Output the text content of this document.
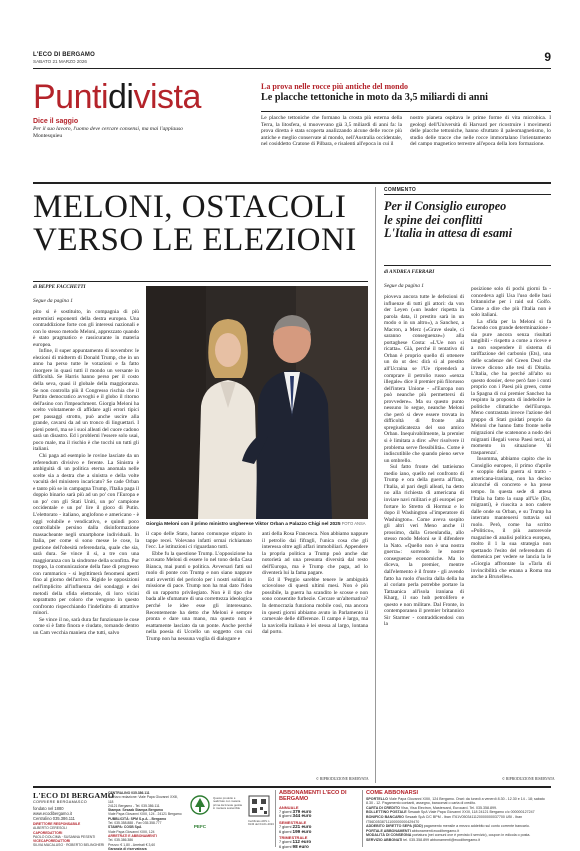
L'ECO DI BERGAMO
SABATO 21 MARZO 2026	9
Puntidivista
Dice il saggio
Per il suo lavoro, l'uomo deve cercare consensi, ma mai l'applauso
Montesquieu
La prova nelle rocce più antiche del mondo
Le placche tettoniche in moto da 3,5 miliardi di anni

Le placche tettoniche che formano la crosta più esterna della Terra, la litosfera, si muovevano già 3,5 miliardi di anni fa: la prova diretta è stata scoperta analizzando alcune delle rocce più antiche e meglio conservate al mondo, nell'Australia occidentale, nel cosiddetto Cratone di Pilbara, e risalenti all'epoca in cui il

nostro pianeta ospitava le prime forme di vita microbica. I geologi dell'Università di Harvard per ricostruire i movimenti delle placche tettoniche, hanno sfruttato il paleomagnetismo, lo studio delle tracce che nelle rocce immortalano l'orientamento del campo magnetico terrestre all'epoca della loro formazione.

MELONI, OSTACOLI
VERSO LE ELEZIONI
COMMENTO
Per il Consiglio europeo
le spine dei conflitti
L'Italia in attesa di esami
di BEPPE FACCHETTI
Segue da pagina 1

pito si è sostituito, in compagnia di più estremisti esponenti della destra europea. Una contraddizione forte con gli interessi nazionali e con lo stesso metodo Meloni, apprezzato quando è stato pragmatico e rassicurante in materia europea.

Infine, il super appuntamento di novembre: le elezioni di midterm di Donald Trump, che in un anno ha perso tutte le votazioni e fa fatto risorgere in quasi tutti il mondo un versante in difficoltà. Se Harris hanno perso per il costo della seva, quasi il globale della maggioranza. Se non controlla più il Congresso rischia che il Partito democratico avvoghi e il globo il ritorno dell'asino con l'impeachment. Giorgia Meloni ha scelto volutamente di affidare agli errori tipici per passaggi strotto, può anche uscire alla grande, cavarsi da ad un tronco di linguettari. I pieni poteri, ma se i suoi alleati del cuore cadono sarà un disastro. Ed i problemi l'essere solo usai, poco male, ma il rischio è che tocchi un tutti gli italiani.

Chi paga ad esempio le rovine lasciate da un referendum divisivo e ferente. La Sinistra è ambiguità di un politica eterna anomala nelle scelte sia a destra che a sinistra e della volte vacuità del ministero incaricato? Se cade Orban e tanto più se in campagna Trump, l'Italia paga il doppio binario sarà più ad un po' con l'Europa e un po' con gli Stati Uniti, un po' campione occidentale e un po' lire il gioco di Putin. L'elettorato - italiano, anglofono e americano - è oggi volubile e vendicativo, e quindi poco controllabile persino dalla disinformazione massacheante negli smartphone individuali. In Italia, per come si sono messe le cose, la gestione dell'obesità referendaria, quale che sia, sarà dura. Se vince il sì, a tre con una maggioranza con la sindrome della sconfitta. Pur troppo, la comunicazione della fase di progresso con rammarico - si legittimerà fenomeni aperti fino al giorno dell'arrivo. Rigide le opposizioni nell'implicito all'influenza dei sondaggi e dei metodi della sfida elettorale, di loro vicini soprattutto per coloro che vengono in questo confronto rispecchiando l'indefinito di attrattive minori.

Se vince il no, sarà dura far funzionare le cose come si è fatto finora e ciudato, tornando dentro un Cam vecchia maniera che tutti, salvo

Giorgia Meloni con il primo ministro ungherese Viktor Orban a Palazzo Chigi nel 2025 FOTO ANSA

il capo delle Stato, hanno comunque stipato in tappe recei. Volevano infatti ormai richiamato l'ecc. Le istituzioni ci riguardano tutti.

Ebbe fu la questione Trump. L'opposizione ha accusato Meloni di essere lo nel tono della Casa Bianca, mai punti o politica. Avversari fatti sul ruolo di ponte con Trump e non siano nappure stati avvertiti del pericolo per i nostri soldati in missione di pace. Trump non ha mai dato l'idea di un rapporto privilegiato. Non è il tipo che bada alle sfumature di una correttezza ideologica perché le idee esse gli interessano. Recentemente ha detto che Meloni è sempre pronta e dare una mano, ma questo non è esattamente lasciato da un ponte. Anche perché nella poesia di Uccello un soggetto con cui Trump non ha nessuna voglia di dialogare e

anti della Rosa Francesca. Non abbiamo nappure il petrolio dai fifragli, l'unica cosa che gli interessa oltre agli affari immobiliari. Appendere la propria politica a Trump può anche dar notorietà ad una presunta diversità dal resto dell'Europa, ma è Trump che paga, ad lo diventerà lui la fama pagare.

Ed il 'Peggio sarebbe tenere le ambiguità sciovolose di questi ultimi mesi. Non è più possibile, la guerra ha scandito le scosse e non sono consentite furbezie. Cercare un'alternativa? In democrazia funziona mobile così, ma ancora in questi giorni abbiamo avuto in Parlamento il carnevale delle differenze. Il campo è largo, ma la navicella italiana è lei stessa al largo, lontana dal porto.

© RIPRODUZIONE RISERVATA
di ANDREA FERRARI
Segue da pagina 1

pioveva ancora tutte le defezioni di influenze di tutti gli attori: da von der Leyen («un leader rispetta la parola data, il prestito sarà in un modo o in un altro»), a Sanchez, a Macron, a Merz («Grave sleale, ci saranno conseguenze») alla portaghese Costa: «L'Ue non si ricatta». Già, perché il tentativo di Orban è proprio quello di ottenere un do ut des: dirà sì al prestito all'Ucraina se l'Ue riprenderà a comprare il petrolio russo «senza illegale» dice il premier più filorusso dell'intera Unione - «l'Europa non può neanche più permettersi di provvedere». Ma su questo punto nessuno lo segue, neanche Meloni che però si deve essere trovata in difficoltà di fronte alla spregiudicatezza del suo amico Orban. Inequivabilmente, la premier si è limitata a dire: «Per risolvere il problema serve flessibilità». Come è indiscutibile che quando pieno serve un ombrello.

Sul fatto fronte del tattieismo medio iano, quello nel confronto di Trump e ora della guerra all'Iran, l'Italia, al pari degli alleati, ha detto no alla richiesta di americana di inviare navi militari e gli europei per fortare lo Stretto di Hormuz e lo dopo il Washington «l'imperatore di Washington». Come aveva sospito gli altri veri Meno anche il prossimo, dalla Groenlandia, allo stesso modo Meloni se il difendere la Nato. «Quello non è una nostra guerra»: sorrendo le nostre conseguenze economiche. Ma lo diceva, la premier, mentre dall'elemento è il fronte - gli avendo fatto ha ruolo d'uscita dalla della ha al coriato perla potrebbe portare la Tattaanica all'isola iraniana di Kharg, il suo hub petrolifero e questo e non militare. Dal Fronte, in contemporanea il premier britannico Sir Starmer - contraddicendosi con la

posizione solo di pochi giorni fa - concedeva agli Usa l'uso delle basi britanniche per i raid sul Golfo. Come a dire che più l'Italia non è solo italiani.

La sfida per la Meloni si fa facendo con grande determinazione - sia pure ancora senza risultati tangibili - rispetto a come a riceve e a non sospendere il sistema di tariffazione del carbonio (Ets), una delle scadenze del Green Deal che invece dicono alle tesi di Ditalia. L'Italia, che ha perché all'alto su questo dossier, deve però fare i conti proprio con i Paesi più green, come la Spagna di cui premier Sanchez ha respinto la proposta di indebolire le politiche climatiche dell'Europa. Meno contrastata invece l'azione del gruppo di Stati guidati proprio da Meloni che hanno fatto fronte nelle migrazioni che scatenono a nodo dei migranti illegali verso Paesi terzi, al momento in situazione 'di trasparenza'.

Insomma, abbiamo capito che in Consiglio europeo, il primo d'aprile e scoppio della guerra si tratto - americana-iraniana, non ha deciso alcunché di concreto e ha prese tempo. In questa sede di attesa l'Italia ha fatto la suap all'Ue (Ets, migranti), è riuscita a non cadere dalle onde su Orban, e su Trump ha interrato mantenersi tuttavia sul ruolo. Però, come ha scritto «Politico», il più autorevole magazine di analisi politica europea, molto il 1 la sua strategia non spettando l'esito del referendum di domenica per vedere se lancia la le «Giorgia affrontate la «Tarla di invincibilità che emana a Roma ma anche a Bruxelles».

© RIPRODUZIONE RISERVATA
L'ECO DI BERGAMO
CORRIERE BERGAMASCO
fondato nel 1880
www.ecodibergamo.it
Centralino 035.386.111
DIRETTORE RESPONSABILE
ALBERTO CERESOLI
CAPOREDATTORI
PAOLO DOLCIMA · SUSANNA PESENTI
VICECAPOREDATTORI
SILVIA MACALUSO · ROBERTO BELINGHERI
CENTRALINO 035.386.111
Indirizzo redazione: Viale Papa Giovanni XXIII, 118
24121 Bergamo - Tel. 035.386.111
Stampa: Sesaab Stampa Bergamo
Viale Papa Giovanni XXIII, 124 - 24121 Bergamo
PUBBLICITÀ: SPM S.p.A. - Bergamo
Tel. 035.358.888 - Fax 035.358.777
STAMPA: COSB SpA
Viale Papa Giovanni XXIII, 124
ARRETRATI E ABBONAMENTI
Tel. 035.386.386
Prezzo: € 1,80 - Arretrati € 3,60
Garanzia di riservatezza
PEFC
Questo prodotto è realizzato con materia prima da foreste gestite in maniera sostenibile
Certificato ADS n. 9143 del 04-01-2024
ABBONAMENTI L'ECO DI BERGAMO
ANNUALE
7 giorni 379 euro
6 giorni 344 euro
SEMESTRALE
7 giorni 221 euro
6 giorni 199 euro
TRIMESTRALE
7 giorni 112 euro
6 giorni 98 euro
COME ABBONARSI
SPORTELLO Viale Papa Giovanni XXIII, 124 Bergamo. Orari: da lunedì a venerdì 8.30 - 12.30 e 14 - 18; sabato 8.30 - 12. Pagamento contanti, assegno, bancomat o carta di credito.
CARTA DI CREDITO Visa, Visa Electron, Mastercard, Eurocard. Tel. 035.358.899.
BOLLETTINO POSTALE Sesaab SpA Viale Papa Giovanni XXIII, 118 24121 Bergamo c/c 000000127247
BONIFICO BANCARIO Sesaab SpA C/C BPM - Iban IT61V0503411120000000037700 UBI - Iban IT56D0538711100000000429470
ADDEBITO DIRETTO SEPA (SDD) pagamento mensile a mezzo addebito sul conto corrente bancario.
PORTALE ABBONAMENTI abbonamenti.ecodibergamo.it
MODALITÀ DI CONSEGNA portatura (nei comuni ove è previsto il servizio), coupon in edicola o posta.
SERVIZIO ABBONATI tel. 035.358.899 abbonamenti@ecodibergamo.it
